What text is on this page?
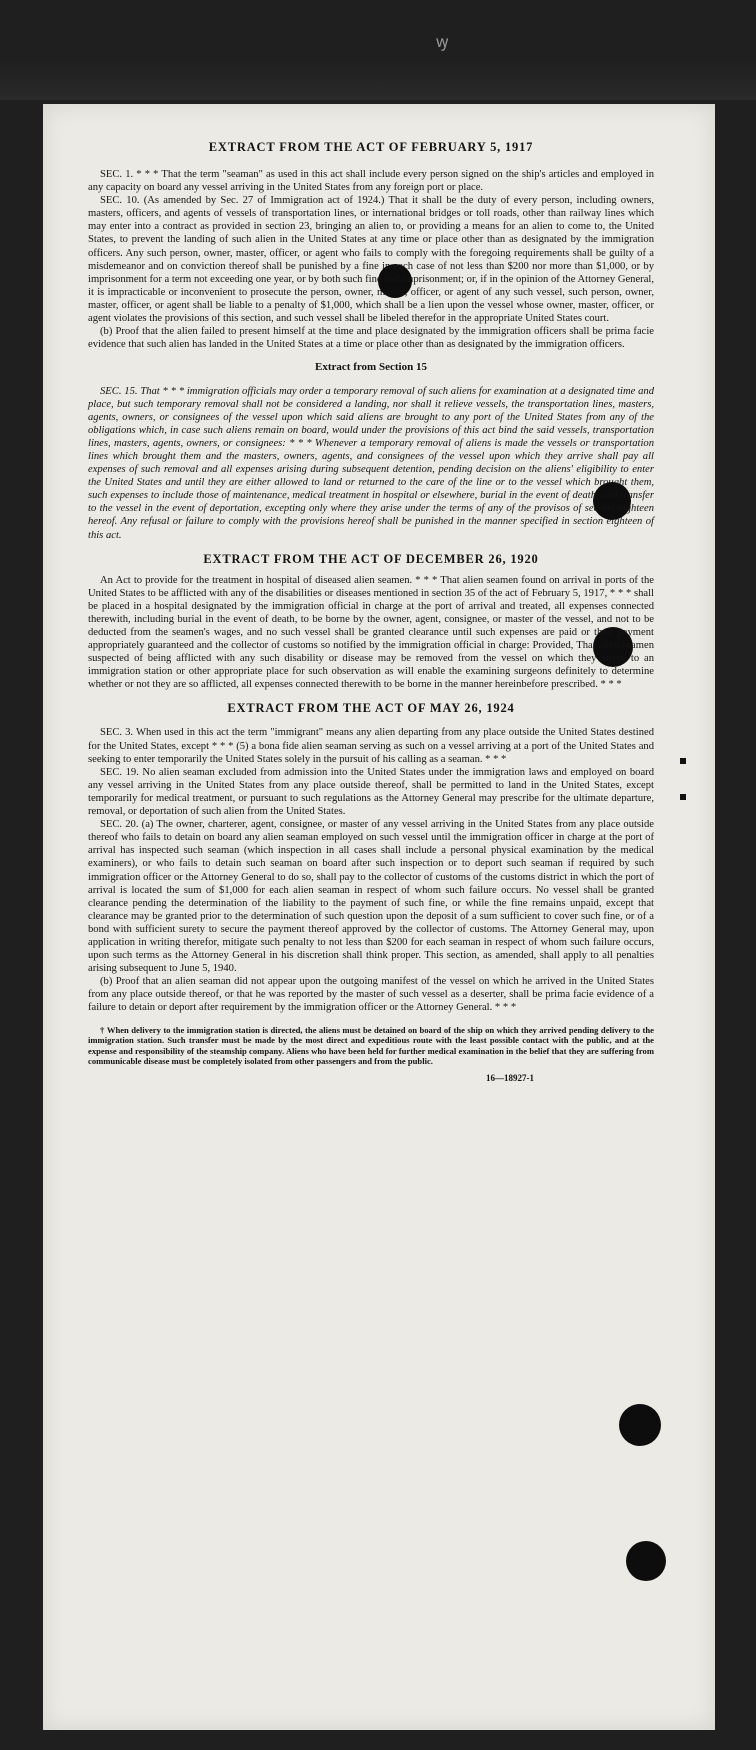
ꝡ
EXTRACT FROM THE ACT OF FEBRUARY 5, 1917

SEC. 1. * * * That the term "seaman" as used in this act shall include every person signed on the ship's articles and employed in any capacity on board any vessel arriving in the United States from any foreign port or place.

SEC. 10. (As amended by Sec. 27 of Immigration act of 1924.) That it shall be the duty of every person, including owners, masters, officers, and agents of vessels of transportation lines, or international bridges or toll roads, other than railway lines which may enter into a contract as provided in section 23, bringing an alien to, or providing a means for an alien to come to, the United States, to prevent the landing of such alien in the United States at any time or place other than as designated by the immigration officers. Any such person, owner, master, officer, or agent who fails to comply with the foregoing requirements shall be guilty of a misdemeanor and on conviction thereof shall be punished by a fine in each case of not less than $200 nor more than $1,000, or by imprisonment for a term not exceeding one year, or by both such fine and imprisonment; or, if in the opinion of the Attorney General, it is impracticable or inconvenient to prosecute the person, owner, master, officer, or agent of any such vessel, such person, owner, master, officer, or agent shall be liable to a penalty of $1,000, which shall be a lien upon the vessel whose owner, master, officer, or agent violates the provisions of this section, and such vessel shall be libeled therefor in the appropriate United States court.

(b) Proof that the alien failed to present himself at the time and place designated by the immigration officers shall be prima facie evidence that such alien has landed in the United States at a time or place other than as designated by the immigration officers.

Extract from Section 15

SEC. 15. That * * * immigration officials may order a temporary removal of such aliens for examination at a designated time and place, but such temporary removal shall not be considered a landing, nor shall it relieve vessels, the transportation lines, masters, agents, owners, or consignees of the vessel upon which said aliens are brought to any port of the United States from any of the obligations which, in case such aliens remain on board, would under the provisions of this act bind the said vessels, transportation lines, masters, agents, owners, or consignees: * * * Whenever a temporary removal of aliens is made the vessels or transportation lines which brought them and the masters, owners, agents, and consignees of the vessel upon which they arrive shall pay all expenses of such removal and all expenses arising during subsequent detention, pending decision on the aliens' eligibility to enter the United States and until they are either allowed to land or returned to the care of the line or to the vessel which brought them, such expenses to include those of maintenance, medical treatment in hospital or elsewhere, burial in the event of death, and transfer to the vessel in the event of deportation, excepting only where they arise under the terms of any of the provisos of section eighteen hereof. Any refusal or failure to comply with the provisions hereof shall be punished in the manner specified in section eighteen of this act.

EXTRACT FROM THE ACT OF DECEMBER 26, 1920

An Act to provide for the treatment in hospital of diseased alien seamen. * * * That alien seamen found on arrival in ports of the United States to be afflicted with any of the disabilities or diseases mentioned in section 35 of the act of February 5, 1917, * * * shall be placed in a hospital designated by the immigration official in charge at the port of arrival and treated, all expenses connected therewith, including burial in the event of death, to be borne by the owner, agent, consignee, or master of the vessel, and not to be deducted from the seamen's wages, and no such vessel shall be granted clearance until such expenses are paid or their payment appropriately guaranteed and the collector of customs so notified by the immigration official in charge: Provided, That alien seamen suspected of being afflicted with any such disability or disease may be removed from the vessel on which they arrive to an immigration station or other appropriate place for such observation as will enable the examining surgeons definitely to determine whether or not they are so afflicted, all expenses connected therewith to be borne in the manner hereinbefore prescribed. * * *

EXTRACT FROM THE ACT OF MAY 26, 1924

SEC. 3. When used in this act the term "immigrant" means any alien departing from any place outside the United States destined for the United States, except * * * (5) a bona fide alien seaman serving as such on a vessel arriving at a port of the United States and seeking to enter temporarily the United States solely in the pursuit of his calling as a seaman. * * *

SEC. 19. No alien seaman excluded from admission into the United States under the immigration laws and employed on board any vessel arriving in the United States from any place outside thereof, shall be permitted to land in the United States, except temporarily for medical treatment, or pursuant to such regulations as the Attorney General may prescribe for the ultimate departure, removal, or deportation of such alien from the United States.

SEC. 20. (a) The owner, charterer, agent, consignee, or master of any vessel arriving in the United States from any place outside thereof who fails to detain on board any alien seaman employed on such vessel until the immigration officer in charge at the port of arrival has inspected such seaman (which inspection in all cases shall include a personal physical examination by the medical examiners), or who fails to detain such seaman on board after such inspection or to deport such seaman if required by such immigration officer or the Attorney General to do so, shall pay to the collector of customs of the customs district in which the port of arrival is located the sum of $1,000 for each alien seaman in respect of whom such failure occurs. No vessel shall be granted clearance pending the determination of the liability to the payment of such fine, or while the fine remains unpaid, except that clearance may be granted prior to the determination of such question upon the deposit of a sum sufficient to cover such fine, or of a bond with sufficient surety to secure the payment thereof approved by the collector of customs. The Attorney General may, upon application in writing therefor, mitigate such penalty to not less than $200 for each seaman in respect of whom such failure occurs, upon such terms as the Attorney General in his discretion shall think proper. This section, as amended, shall apply to all penalties arising subsequent to June 5, 1940.

(b) Proof that an alien seaman did not appear upon the outgoing manifest of the vessel on which he arrived in the United States from any place outside thereof, or that he was reported by the master of such vessel as a deserter, shall be prima facie evidence of a failure to detain or deport after requirement by the immigration officer or the Attorney General. * * *

† When delivery to the immigration station is directed, the aliens must be detained on board of the ship on which they arrived pending delivery to the immigration station. Such transfer must be made by the most direct and expeditious route with the least possible contact with the public, and at the expense and responsibility of the steamship company. Aliens who have been held for further medical examination in the belief that they are suffering from communicable disease must be completely isolated from other passengers and from the public.

16—18927-1
